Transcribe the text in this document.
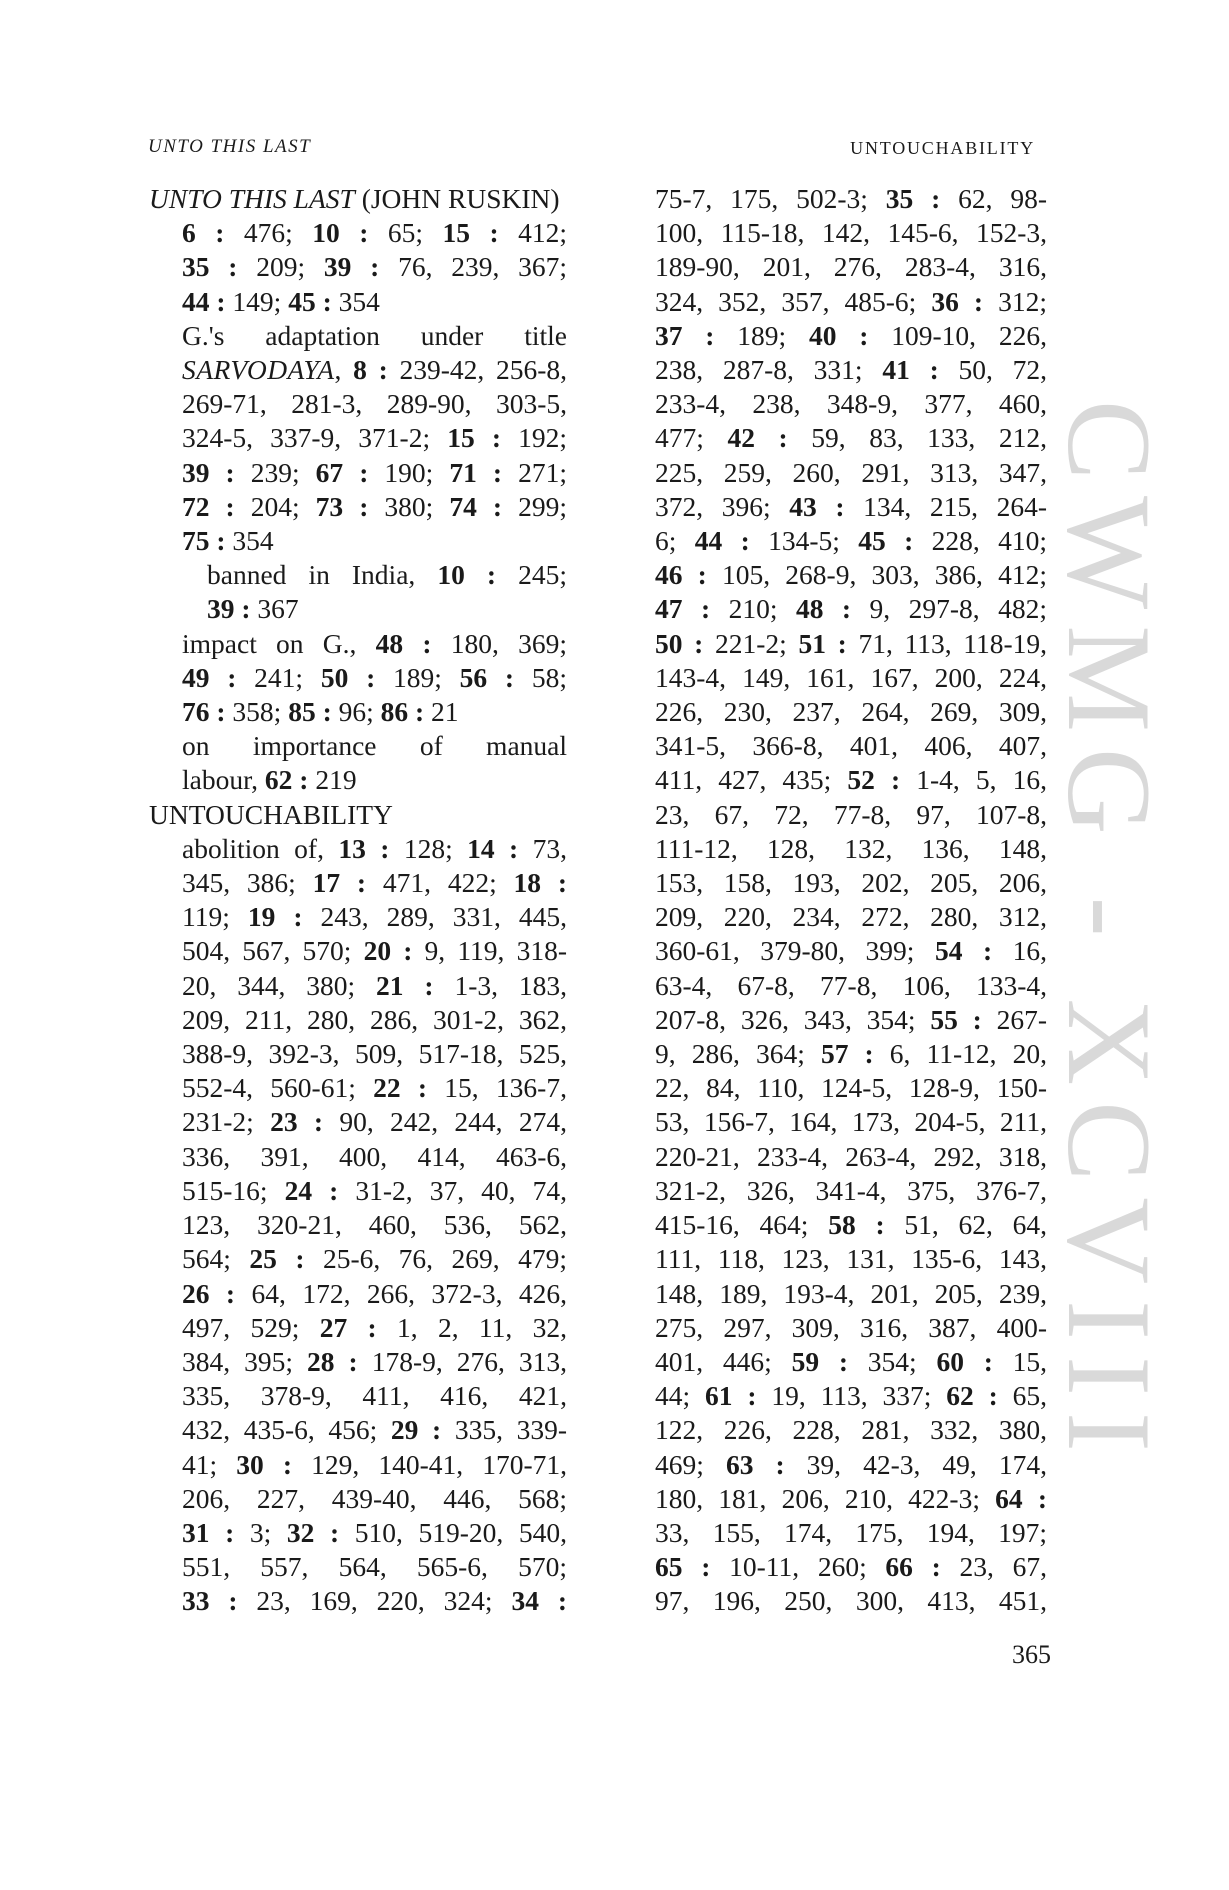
UNTO THIS LAST	UNTOUCHABILITY
UNTO THIS LAST (JOHN RUSKIN)
6 : 476; 10 : 65; 15 : 412;
35 : 209; 39 : 76, 239, 367;
44 : 149; 45 : 354
G.'s adaptation under title
SARVODAYA, 8 : 239-42, 256-8,
269-71, 281-3, 289-90, 303-5,
324-5, 337-9, 371-2; 15 : 192;
39 : 239; 67 : 190; 71 : 271;
72 : 204; 73 : 380; 74 : 299;
75 : 354
banned in India, 10 : 245;
39 : 367
impact on G., 48 : 180, 369;
49 : 241; 50 : 189; 56 : 58;
76 : 358; 85 : 96; 86 : 21
on importance of manual
labour, 62 : 219
UNTOUCHABILITY
abolition of, 13 : 128; 14 : 73,
345, 386; 17 : 471, 422; 18 :
119; 19 : 243, 289, 331, 445,
504, 567, 570; 20 : 9, 119, 318-
20, 344, 380; 21 : 1-3, 183,
209, 211, 280, 286, 301-2, 362,
388-9, 392-3, 509, 517-18, 525,
552-4, 560-61; 22 : 15, 136-7,
231-2; 23 : 90, 242, 244, 274,
336, 391, 400, 414, 463-6,
515-16; 24 : 31-2, 37, 40, 74,
123, 320-21, 460, 536, 562,
564; 25 : 25-6, 76, 269, 479;
26 : 64, 172, 266, 372-3, 426,
497, 529; 27 : 1, 2, 11, 32,
384, 395; 28 : 178-9, 276, 313,
335, 378-9, 411, 416, 421,
432, 435-6, 456; 29 : 335, 339-
41; 30 : 129, 140-41, 170-71,
206, 227, 439-40, 446, 568;
31 : 3; 32 : 510, 519-20, 540,
551, 557, 564, 565-6, 570;
33 : 23, 169, 220, 324; 34 :
75-7, 175, 502-3; 35 : 62, 98-
100, 115-18, 142, 145-6, 152-3,
189-90, 201, 276, 283-4, 316,
324, 352, 357, 485-6; 36 : 312;
37 : 189; 40 : 109-10, 226,
238, 287-8, 331; 41 : 50, 72,
233-4, 238, 348-9, 377, 460,
477; 42 : 59, 83, 133, 212,
225, 259, 260, 291, 313, 347,
372, 396; 43 : 134, 215, 264-
6; 44 : 134-5; 45 : 228, 410;
46 : 105, 268-9, 303, 386, 412;
47 : 210; 48 : 9, 297-8, 482;
50 : 221-2; 51 : 71, 113, 118-19,
143-4, 149, 161, 167, 200, 224,
226, 230, 237, 264, 269, 309,
341-5, 366-8, 401, 406, 407,
411, 427, 435; 52 : 1-4, 5, 16,
23, 67, 72, 77-8, 97, 107-8,
111-12, 128, 132, 136, 148,
153, 158, 193, 202, 205, 206,
209, 220, 234, 272, 280, 312,
360-61, 379-80, 399; 54 : 16,
63-4, 67-8, 77-8, 106, 133-4,
207-8, 326, 343, 354; 55 : 267-
9, 286, 364; 57 : 6, 11-12, 20,
22, 84, 110, 124-5, 128-9, 150-
53, 156-7, 164, 173, 204-5, 211,
220-21, 233-4, 263-4, 292, 318,
321-2, 326, 341-4, 375, 376-7,
415-16, 464; 58 : 51, 62, 64,
111, 118, 123, 131, 135-6, 143,
148, 189, 193-4, 201, 205, 239,
275, 297, 309, 316, 387, 400-
401, 446; 59 : 354; 60 : 15,
44; 61 : 19, 113, 337; 62 : 65,
122, 226, 228, 281, 332, 380,
469; 63 : 39, 42-3, 49, 174,
180, 181, 206, 210, 422-3; 64 :
33, 155, 174, 175, 194, 197;
65 : 10-11, 260; 66 : 23, 67,
97, 196, 250, 300, 413, 451,
CWMG - XCVIII
365
